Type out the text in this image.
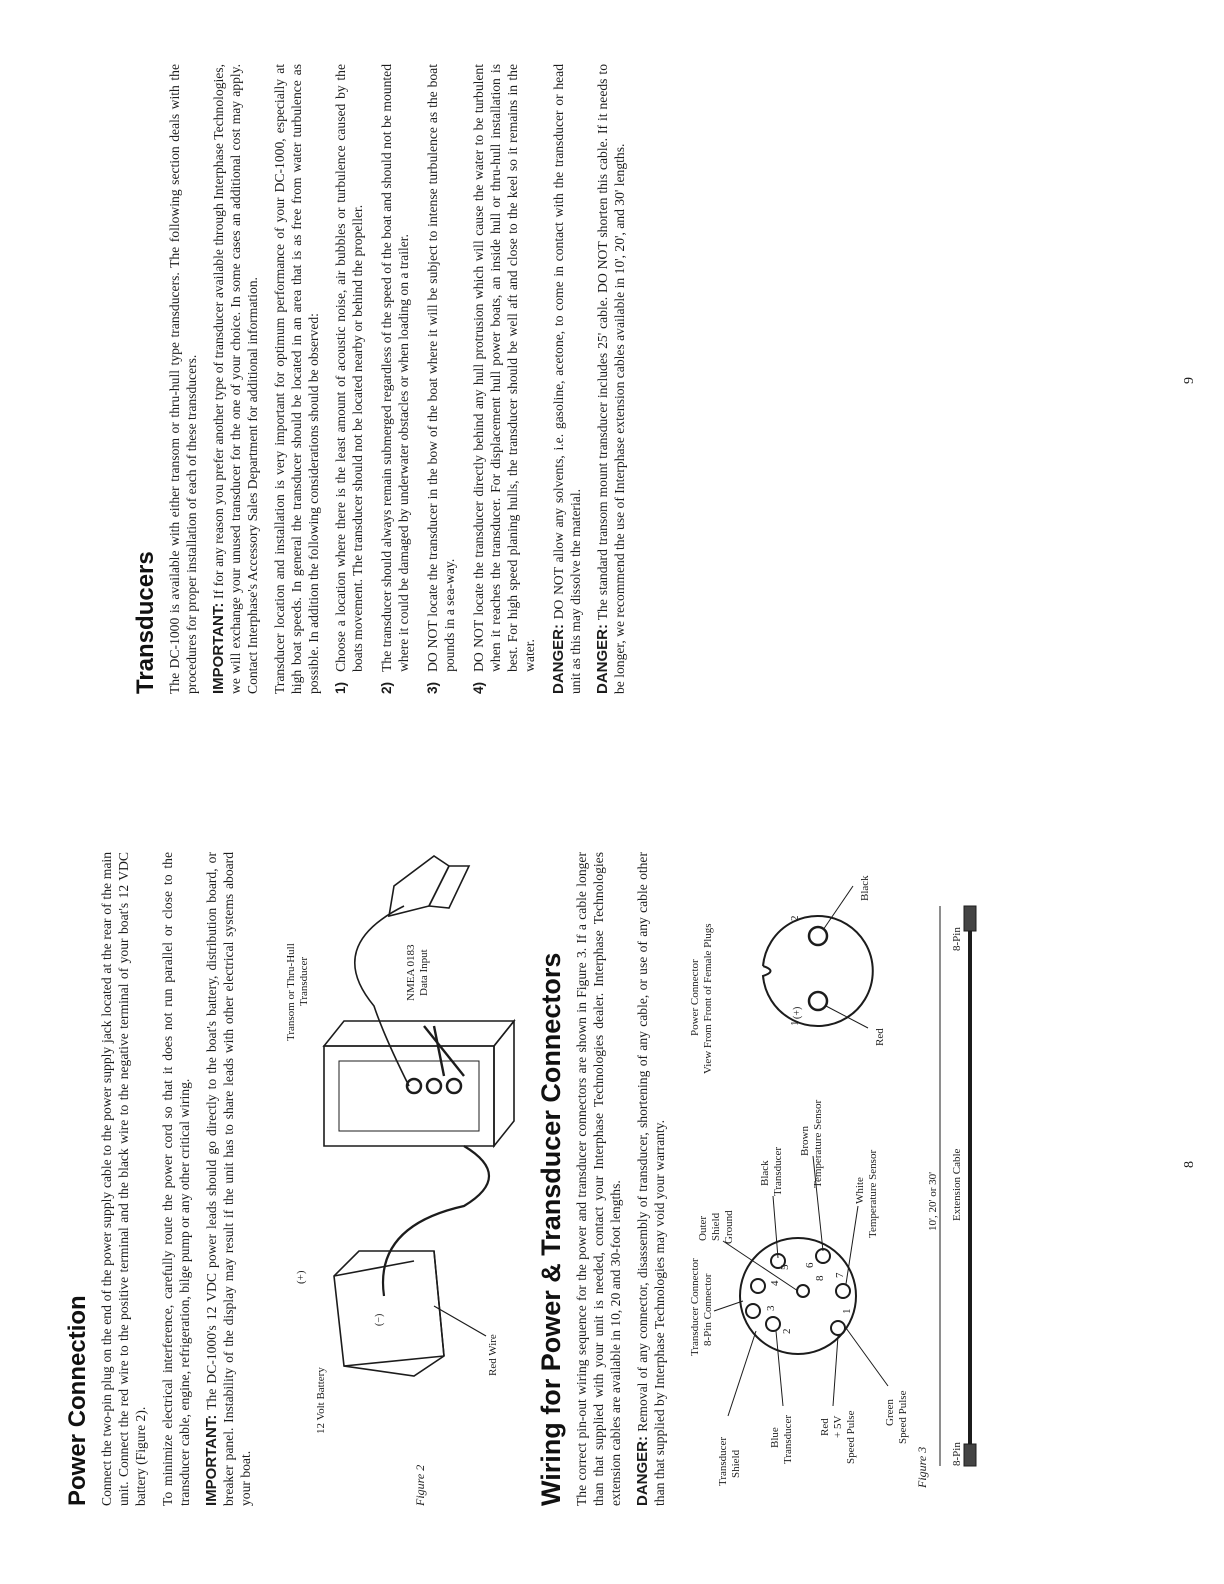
Power Connection Connect the two-pin plug on the end of the power supply cable to the power supply jack located at the rear of the main unit. Connect the red wire to the positive terminal and the black wire to the negative terminal of your boat's 12 VDC battery (Figure 2). To minimize electrical interference, carefully route the power cord so that it does not run parallel or close to the transducer cable, engine, refrigeration, bilge pump or any other critical wiring. IMPORTANT: The DC-1000's 12 VDC power leads should go directly to the boat's battery, distribution board, or breaker panel. Instability of the display may result if the unit has to share leads with other electrical systems aboard your boat.	Figure 2
12 Volt Battery
(+)
(−)
Red Wire
NMEA 0183 Data Input
Transom or Thru-Hull Transducer	Wiring for Power & Transducer Connectors The correct pin-out wiring sequence for the power and transducer connectors are shown in Figure 3. If a cable longer than that supplied with your unit is needed, contact your Interphase Technologies dealer. Interphase Technologies extension cables are available in 10, 20 and 30-foot lengths. DANGER: Removal of any connector, disassembly of transducer, shortening of any cable, or use of any cable other than that supplied by Interphase Technologies may void your warranty. Transducer Connector 8-Pin Connector
Transducer Shield
Outer Shield Ground
Blue Transducer
Black Transducer
Red + 5V Speed Pulse
Brown Temperature Sensor
Green Speed Pulse
White Temperature Sensor
Figure 3
1
2
3
4
5 6
7
8
Power Connector View From Front of Female Plugs	1
2
(+)
Red
Black
10', 20' or 30' Extension Cable
8-Pin
8-Pin
8
Transducers The DC-1000 is available with either transom or thru-hull type transducers. The following section deals with the procedures for proper installation of each of these transducers. IMPORTANT: If for any reason you prefer another type of transducer available through Interphase Technologies, we will exchange your unused transducer for the one of your choice. In some cases an additional cost may apply. Contact Interphase's Accessory Sales Department for additional information. Transducer location and installation is very important for optimum performance of your DC-1000, especially at high boat speeds. In general the transducer should be located in an area that is as free from water turbulence as possible. In addition the following considerations should be observed: 1)
Choose a location where there is the least amount of acoustic noise, air bubbles or turbulence caused by the boats movement. The transducer should not be located nearby or behind the propeller.
2)
The transducer should always remain submerged regardless of the speed of the boat and should not be mounted where it could be damaged by underwater obstacles or when loading on a trailer.
3)
DO NOT locate the transducer in the bow of the boat where it will be subject to intense turbulence as the boat pounds in a sea-way.
4)
DO NOT locate the transducer directly behind any hull protrusion which will cause the water to be turbulent when it reaches the transducer. For displacement hull power boats, an inside hull or thru-hull installation is best. For high speed planing hulls, the transducer should be well aft and close to the keel so it remains in the water. DANGER: DO NOT allow any solvents, i.e. gasoline, acetone, to come in contact with the transducer or head unit as this may dissolve the material. DANGER: The standard transom mount transducer includes 25' cable. DO NOT shorten this cable. If it needs to be longer, we recommend the use of Interphase extension cables available in 10', 20', and 30' lengths.	9
